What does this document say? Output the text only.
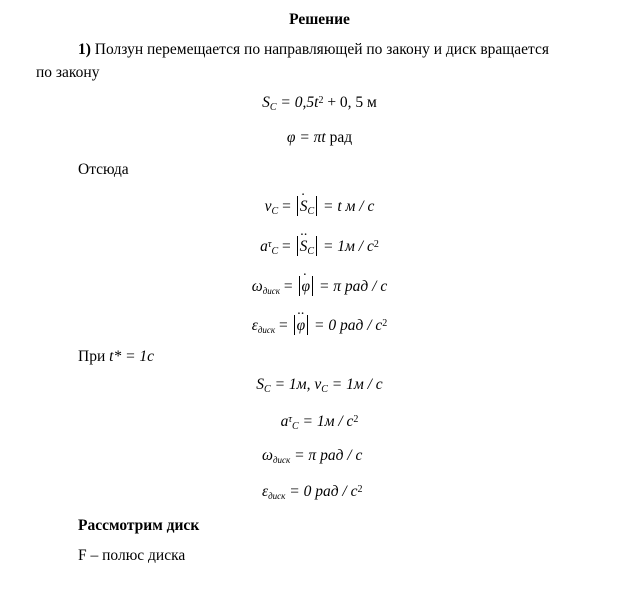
Решение
1) Ползун перемещается по направляющей по закону и диск вращается
по закону
$S_C = 0,5t^2 + 0$, 5 м
φ = πt рад
Отсюда
$v_C$ = · $S_C = t$ м / с
$a^\tau_C$ = ·· $S_C = 1м / с^2$
$\omega_{диск}$ = · φ = π рад / с
$\varepsilon_{диск}$ = ·· φ = 0 рад / $с^2$
При t* = 1с
$S_C = 1м$, $v_C = 1м / с$
$a^\tau_C = 1м / с^2$
$\omega_{диск} = \pi$ рад / с
$\varepsilon_{диск} = 0$ рад / $с^2$
Рассмотрим диск
F – полюс диска
